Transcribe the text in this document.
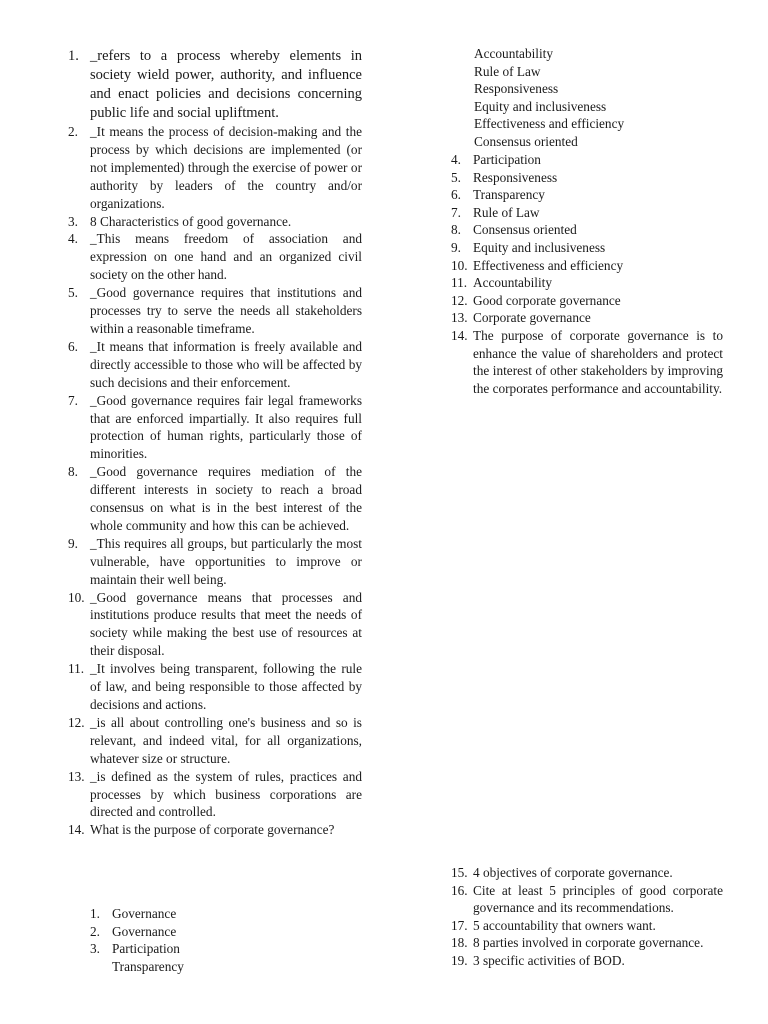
1. _refers to a process whereby elements in society wield power, authority, and influence and enact policies and decisions concerning public life and social upliftment.
2. _It means the process of decision-making and the process by which decisions are implemented (or not implemented) through the exercise of power or authority by leaders of the country and/or organizations.
3. 8 Characteristics of good governance.
4. _This means freedom of association and expression on one hand and an organized civil society on the other hand.
5. _Good governance requires that institutions and processes try to serve the needs all stakeholders within a reasonable timeframe.
6. _It means that information is freely available and directly accessible to those who will be affected by such decisions and their enforcement.
7. _Good governance requires fair legal frameworks that are enforced impartially. It also requires full protection of human rights, particularly those of minorities.
8. _Good governance requires mediation of the different interests in society to reach a broad consensus on what is in the best interest of the whole community and how this can be achieved.
9. _This requires all groups, but particularly the most vulnerable, have opportunities to improve or maintain their well being.
10. _Good governance means that processes and institutions produce results that meet the needs of society while making the best use of resources at their disposal.
11. _It involves being transparent, following the rule of law, and being responsible to those affected by decisions and actions.
12. _is all about controlling one's business and so is relevant, and indeed vital, for all organizations, whatever size or structure.
13. _is defined as the system of rules, practices and processes by which business corporations are directed and controlled.
14. What is the purpose of corporate governance?
1. Governance
2. Governance
3. Participation
Transparency
Accountability
Rule of Law
Responsiveness
Equity and inclusiveness
Effectiveness and efficiency
Consensus oriented
4. Participation
5. Responsiveness
6. Transparency
7. Rule of Law
8. Consensus oriented
9. Equity and inclusiveness
10. Effectiveness and efficiency
11. Accountability
12. Good corporate governance
13. Corporate governance
14. The purpose of corporate governance is to enhance the value of shareholders and protect the interest of other stakeholders by improving the corporates performance and accountability.
15. 4 objectives of corporate governance.
16. Cite at least 5 principles of good corporate governance and its recommendations.
17. 5 accountability that owners want.
18. 8 parties involved in corporate governance.
19. 3 specific activities of BOD.
